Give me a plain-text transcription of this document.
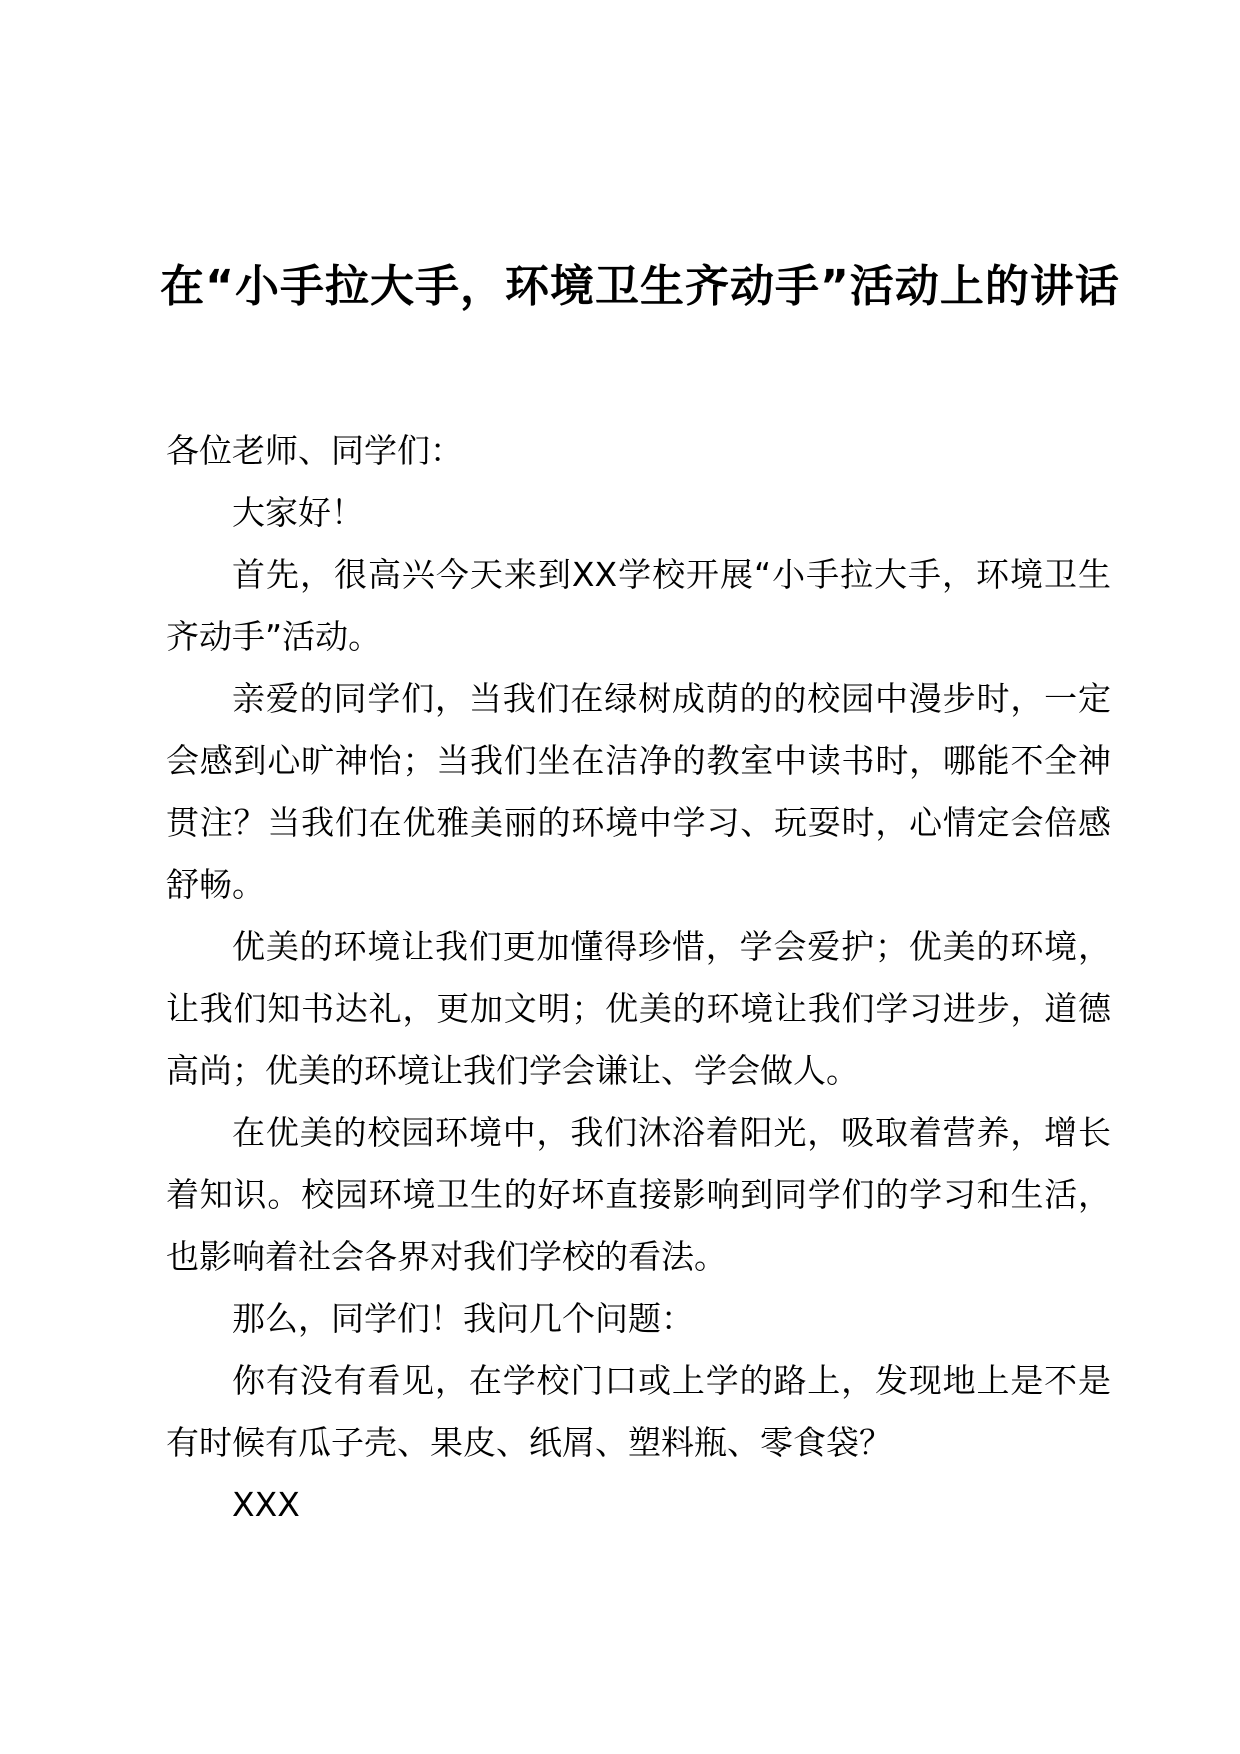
在“小手拉大手，环境卫生齐动手”活动上的讲话

各位老师、同学们：

大家好！

首先，很高兴今天来到XX学校开展“小手拉大手，环境卫生齐动手”活动。

亲爱的同学们，当我们在绿树成荫的的校园中漫步时，一定会感到心旷神怡；当我们坐在洁净的教室中读书时，哪能不全神贯注？当我们在优雅美丽的环境中学习、玩耍时，心情定会倍感舒畅。

优美的环境让我们更加懂得珍惜，学会爱护；优美的环境，让我们知书达礼，更加文明；优美的环境让我们学习进步，道德高尚；优美的环境让我们学会谦让、学会做人。

在优美的校园环境中，我们沐浴着阳光，吸取着营养，增长着知识。校园环境卫生的好坏直接影响到同学们的学习和生活，也影响着社会各界对我们学校的看法。

那么，同学们！我问几个问题：

你有没有看见，在学校门口或上学的路上，发现地上是不是有时候有瓜子壳、果皮、纸屑、塑料瓶、零食袋？

XXX
